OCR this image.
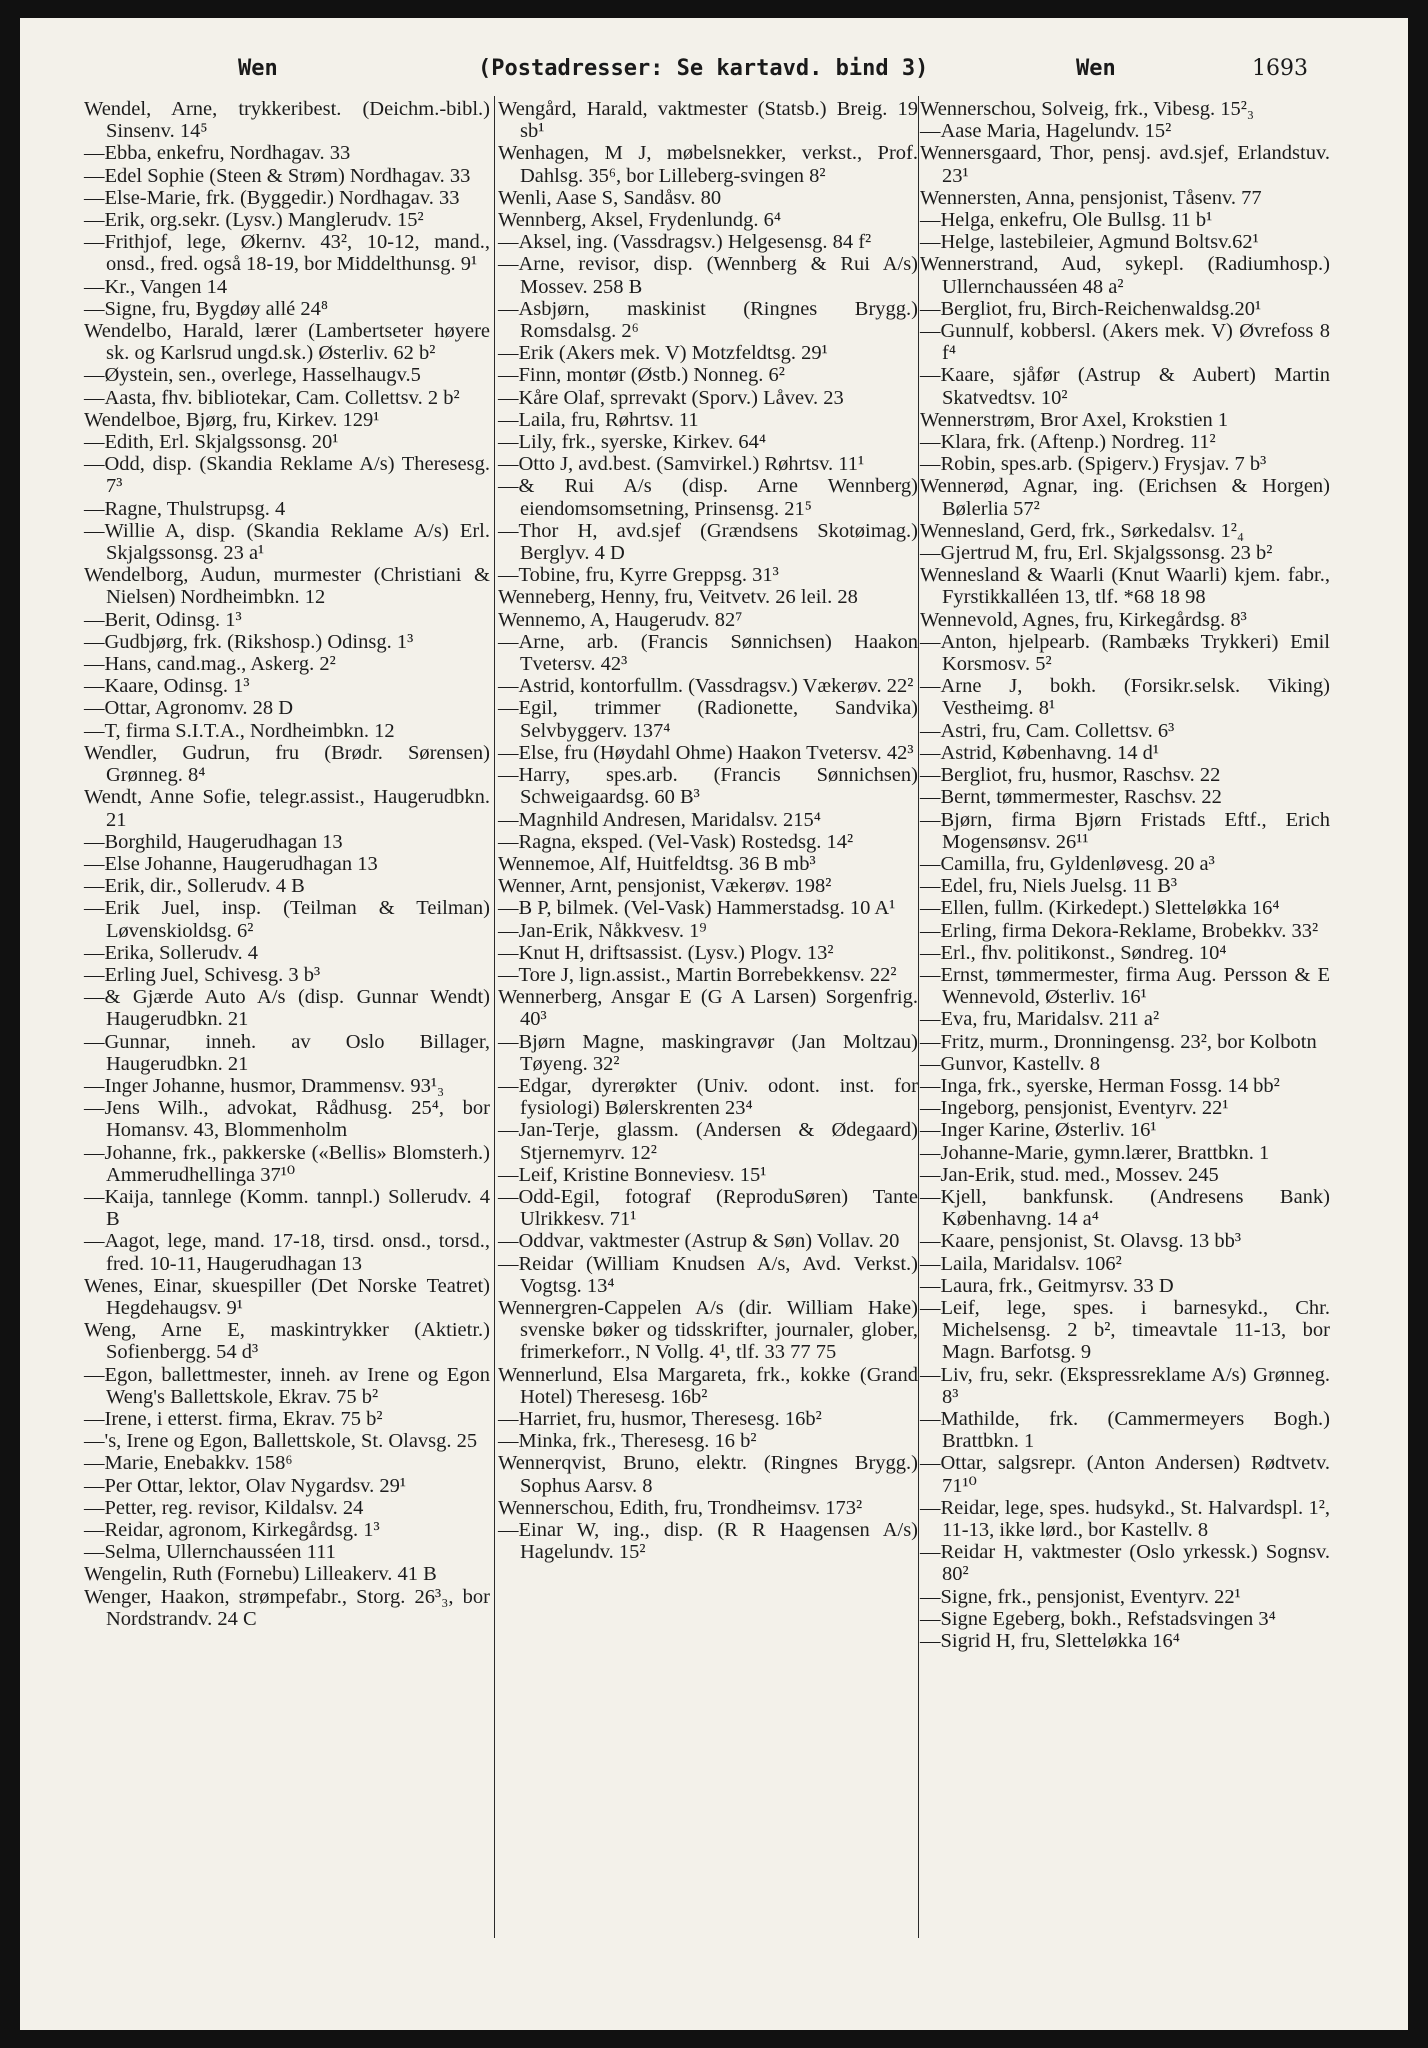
Wen	(Postadresser: Se kartavd. bind 3)	Wen	1693

Wendel, Arne, trykkeribest. (Deichm.-bibl.) Sinsenv. 14⁵

—Ebba, enkefru, Nordhagav. 33

—Edel Sophie (Steen & Strøm) Nordhagav. 33

—Else-Marie, frk. (Byggedir.) Nordhagav. 33

—Erik, org.sekr. (Lysv.) Manglerudv. 15²

—Frithjof, lege, Økernv. 43², 10-12, mand., onsd., fred. også 18-19, bor Middelthunsg. 9¹

—Kr., Vangen 14

—Signe, fru, Bygdøy allé 24⁸

Wendelbo, Harald, lærer (Lambertseter høyere sk. og Karlsrud ungd.sk.) Østerliv. 62 b²

—Øystein, sen., overlege, Hasselhaugv.5

—Aasta, fhv. bibliotekar, Cam. Collettsv. 2 b²

Wendelboe, Bjørg, fru, Kirkev. 129¹

—Edith, Erl. Skjalgssonsg. 20¹

—Odd, disp. (Skandia Reklame A/s) Theresesg. 7³

—Ragne, Thulstrupsg. 4

—Willie A, disp. (Skandia Reklame A/s) Erl. Skjalgssonsg. 23 a¹

Wendelborg, Audun, murmester (Christiani & Nielsen) Nordheimbkn. 12

—Berit, Odinsg. 1³

—Gudbjørg, frk. (Rikshosp.) Odinsg. 1³

—Hans, cand.mag., Askerg. 2²

—Kaare, Odinsg. 1³

—Ottar, Agronomv. 28 D

—T, firma S.I.T.A., Nordheimbkn. 12

Wendler, Gudrun, fru (Brødr. Sørensen) Grønneg. 8⁴

Wendt, Anne Sofie, telegr.assist., Haugerudbkn. 21

—Borghild, Haugerudhagan 13

—Else Johanne, Haugerudhagan 13

—Erik, dir., Sollerudv. 4 B

—Erik Juel, insp. (Teilman & Teilman) Løvenskioldsg. 6²

—Erika, Sollerudv. 4

—Erling Juel, Schivesg. 3 b³

—& Gjærde Auto A/s (disp. Gunnar Wendt) Haugerudbkn. 21

—Gunnar, inneh. av Oslo Billager, Haugerudbkn. 21

—Inger Johanne, husmor, Drammensv. 93¹₃

—Jens Wilh., advokat, Rådhusg. 25⁴, bor Homansv. 43, Blommenholm

—Johanne, frk., pakkerske («Bellis» Blomsterh.) Ammerudhellinga 37¹⁰

—Kaija, tannlege (Komm. tannpl.) Sollerudv. 4 B

—Aagot, lege, mand. 17-18, tirsd. onsd., torsd., fred. 10-11, Haugerudhagan 13

Wenes, Einar, skuespiller (Det Norske Teatret) Hegdehaugsv. 9¹

Weng, Arne E, maskintrykker (Aktietr.) Sofienbergg. 54 d³

—Egon, ballettmester, inneh. av Irene og Egon Weng's Ballettskole, Ekrav. 75 b²

—Irene, i etterst. firma, Ekrav. 75 b²

—'s, Irene og Egon, Ballettskole, St. Olavsg. 25

—Marie, Enebakkv. 158⁶

—Per Ottar, lektor, Olav Nygardsv. 29¹

—Petter, reg. revisor, Kildalsv. 24

—Reidar, agronom, Kirkegårdsg. 1³

—Selma, Ullernchausséen 111

Wengelin, Ruth (Fornebu) Lilleakerv. 41 B

Wenger, Haakon, strømpefabr., Storg. 26³₃, bor Nordstrandv. 24 C

Wengård, Harald, vaktmester (Statsb.) Breig. 19 sb¹

Wenhagen, M J, møbelsnekker, verkst., Prof. Dahlsg. 35⁶, bor Lilleberg-svingen 8²

Wenli, Aase S, Sandåsv. 80

Wennberg, Aksel, Frydenlundg. 6⁴

—Aksel, ing. (Vassdragsv.) Helgesensg. 84 f²

—Arne, revisor, disp. (Wennberg & Rui A/s) Mossev. 258 B

—Asbjørn, maskinist (Ringnes Brygg.) Romsdalsg. 2⁶

—Erik (Akers mek. V) Motzfeldtsg. 29¹

—Finn, montør (Østb.) Nonneg. 6²

—Kåre Olaf, sprrevakt (Sporv.) Låvev. 23

—Laila, fru, Røhrtsv. 11

—Lily, frk., syerske, Kirkev. 64⁴

—Otto J, avd.best. (Samvirkel.) Røhrtsv. 11¹

—& Rui A/s (disp. Arne Wennberg) eiendomsomsetning, Prinsensg. 21⁵

—Thor H, avd.sjef (Grændsens Skotøimag.) Berglyv. 4 D

—Tobine, fru, Kyrre Greppsg. 31³

Wenneberg, Henny, fru, Veitvetv. 26 leil. 28

Wennemo, A, Haugerudv. 82⁷

—Arne, arb. (Francis Sønnichsen) Haakon Tvetersv. 42³

—Astrid, kontorfullm. (Vassdragsv.) Vækerøv. 22²

—Egil, trimmer (Radionette, Sandvika) Selvbyggerv. 137⁴

—Else, fru (Høydahl Ohme) Haakon Tvetersv. 42³

—Harry, spes.arb. (Francis Sønnichsen) Schweigaardsg. 60 B³

—Magnhild Andresen, Maridalsv. 215⁴

—Ragna, eksped. (Vel-Vask) Rostedsg. 14²

Wennemoe, Alf, Huitfeldtsg. 36 B mb³

Wenner, Arnt, pensjonist, Vækerøv. 198²

—B P, bilmek. (Vel-Vask) Hammerstadsg. 10 A¹

—Jan-Erik, Nåkkvesv. 1⁹

—Knut H, driftsassist. (Lysv.) Plogv. 13²

—Tore J, lign.assist., Martin Borrebekkensv. 22²

Wennerberg, Ansgar E (G A Larsen) Sorgenfrig. 40³

—Bjørn Magne, maskingravør (Jan Moltzau) Tøyeng. 32²

—Edgar, dyrerøkter (Univ. odont. inst. for fysiologi) Bølerskrenten 23⁴

—Jan-Terje, glassm. (Andersen & Ødegaard) Stjernemyrv. 12²

—Leif, Kristine Bonneviesv. 15¹

—Odd-Egil, fotograf (ReproduSøren) Tante Ulrikkesv. 71¹

—Oddvar, vaktmester (Astrup & Søn) Vollav. 20

—Reidar (William Knudsen A/s, Avd. Verkst.) Vogtsg. 13⁴

Wennergren-Cappelen A/s (dir. William Hake) svenske bøker og tidsskrifter, journaler, glober, frimerkeforr., N Vollg. 4¹, tlf. 33 77 75

Wennerlund, Elsa Margareta, frk., kokke (Grand Hotel) Theresesg. 16b²

—Harriet, fru, husmor, Theresesg. 16b²

—Minka, frk., Theresesg. 16 b²

Wennerqvist, Bruno, elektr. (Ringnes Brygg.) Sophus Aarsv. 8

Wennerschou, Edith, fru, Trondheimsv. 173²

—Einar W, ing., disp. (R R Haagensen A/s) Hagelundv. 15²

Wennerschou, Solveig, frk., Vibesg. 15²₃

—Aase Maria, Hagelundv. 15²

Wennersgaard, Thor, pensj. avd.sjef, Erlandstuv. 23¹

Wennersten, Anna, pensjonist, Tåsenv. 77

—Helga, enkefru, Ole Bullsg. 11 b¹

—Helge, lastebileier, Agmund Boltsv.62¹

Wennerstrand, Aud, sykepl. (Radiumhosp.) Ullernchausséen 48 a²

—Bergliot, fru, Birch-Reichenwaldsg.20¹

—Gunnulf, kobbersl. (Akers mek. V) Øvrefoss 8 f⁴

—Kaare, sjåfør (Astrup & Aubert) Martin Skatvedtsv. 10²

Wennerstrøm, Bror Axel, Krokstien 1

—Klara, frk. (Aftenp.) Nordreg. 11²

—Robin, spes.arb. (Spigerv.) Frysjav. 7 b³

Wennerød, Agnar, ing. (Erichsen & Horgen) Bølerlia 57²

Wennesland, Gerd, frk., Sørkedalsv. 1²₄

—Gjertrud M, fru, Erl. Skjalgssonsg. 23 b²

Wennesland & Waarli (Knut Waarli) kjem. fabr., Fyrstikkalléen 13, tlf. *68 18 98

Wennevold, Agnes, fru, Kirkegårdsg. 8³

—Anton, hjelpearb. (Rambæks Trykkeri) Emil Korsmosv. 5²

—Arne J, bokh. (Forsikr.selsk. Viking) Vestheimg. 8¹

—Astri, fru, Cam. Collettsv. 6³

—Astrid, Københavng. 14 d¹

—Bergliot, fru, husmor, Raschsv. 22

—Bernt, tømmermester, Raschsv. 22

—Bjørn, firma Bjørn Fristads Eftf., Erich Mogensønsv. 26¹¹

—Camilla, fru, Gyldenløvesg. 20 a³

—Edel, fru, Niels Juelsg. 11 B³

—Ellen, fullm. (Kirkedept.) Sletteløkka 16⁴

—Erling, firma Dekora-Reklame, Brobekkv. 33²

—Erl., fhv. politikonst., Søndreg. 10⁴

—Ernst, tømmermester, firma Aug. Persson & E Wennevold, Østerliv. 16¹

—Eva, fru, Maridalsv. 211 a²

—Fritz, murm., Dronningensg. 23², bor Kolbotn

—Gunvor, Kastellv. 8

—Inga, frk., syerske, Herman Fossg. 14 bb²

—Ingeborg, pensjonist, Eventyrv. 22¹

—Inger Karine, Østerliv. 16¹

—Johanne-Marie, gymn.lærer, Brattbkn. 1

—Jan-Erik, stud. med., Mossev. 245

—Kjell, bankfunsk. (Andresens Bank) Københavng. 14 a⁴

—Kaare, pensjonist, St. Olavsg. 13 bb³

—Laila, Maridalsv. 106²

—Laura, frk., Geitmyrsv. 33 D

—Leif, lege, spes. i barnesykd., Chr. Michelsensg. 2 b², timeavtale 11-13, bor Magn. Barfotsg. 9

—Liv, fru, sekr. (Ekspressreklame A/s) Grønneg. 8³

—Mathilde, frk. (Cammermeyers Bogh.) Brattbkn. 1

—Ottar, salgsrepr. (Anton Andersen) Rødtvetv. 71¹⁰

—Reidar, lege, spes. hudsykd., St. Halvardspl. 1², 11-13, ikke lørd., bor Kastellv. 8

—Reidar H, vaktmester (Oslo yrkessk.) Sognsv. 80²

—Signe, frk., pensjonist, Eventyrv. 22¹

—Signe Egeberg, bokh., Refstadsvingen 3⁴

—Sigrid H, fru, Sletteløkka 16⁴
